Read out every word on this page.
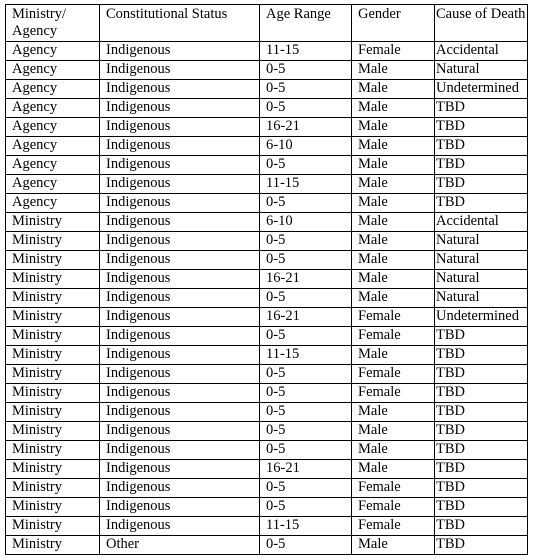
Ministry/ Agency	Constitutional Status	Age Range	Gender	Cause of Death
Agency	Indigenous	11-15	Female	Accidental
Agency	Indigenous	0-5	Male	Natural
Agency	Indigenous	0-5	Male	Undetermined
Agency	Indigenous	0-5	Male	TBD
Agency	Indigenous	16-21	Male	TBD
Agency	Indigenous	6-10	Male	TBD
Agency	Indigenous	0-5	Male	TBD
Agency	Indigenous	11-15	Male	TBD
Agency	Indigenous	0-5	Male	TBD
Ministry	Indigenous	6-10	Male	Accidental
Ministry	Indigenous	0-5	Male	Natural
Ministry	Indigenous	0-5	Male	Natural
Ministry	Indigenous	16-21	Male	Natural
Ministry	Indigenous	0-5	Male	Natural
Ministry	Indigenous	16-21	Female	Undetermined
Ministry	Indigenous	0-5	Female	TBD
Ministry	Indigenous	11-15	Male	TBD
Ministry	Indigenous	0-5	Female	TBD
Ministry	Indigenous	0-5	Female	TBD
Ministry	Indigenous	0-5	Male	TBD
Ministry	Indigenous	0-5	Male	TBD
Ministry	Indigenous	0-5	Male	TBD
Ministry	Indigenous	16-21	Male	TBD
Ministry	Indigenous	0-5	Female	TBD
Ministry	Indigenous	0-5	Female	TBD
Ministry	Indigenous	11-15	Female	TBD
Ministry	Other	0-5	Male	TBD
